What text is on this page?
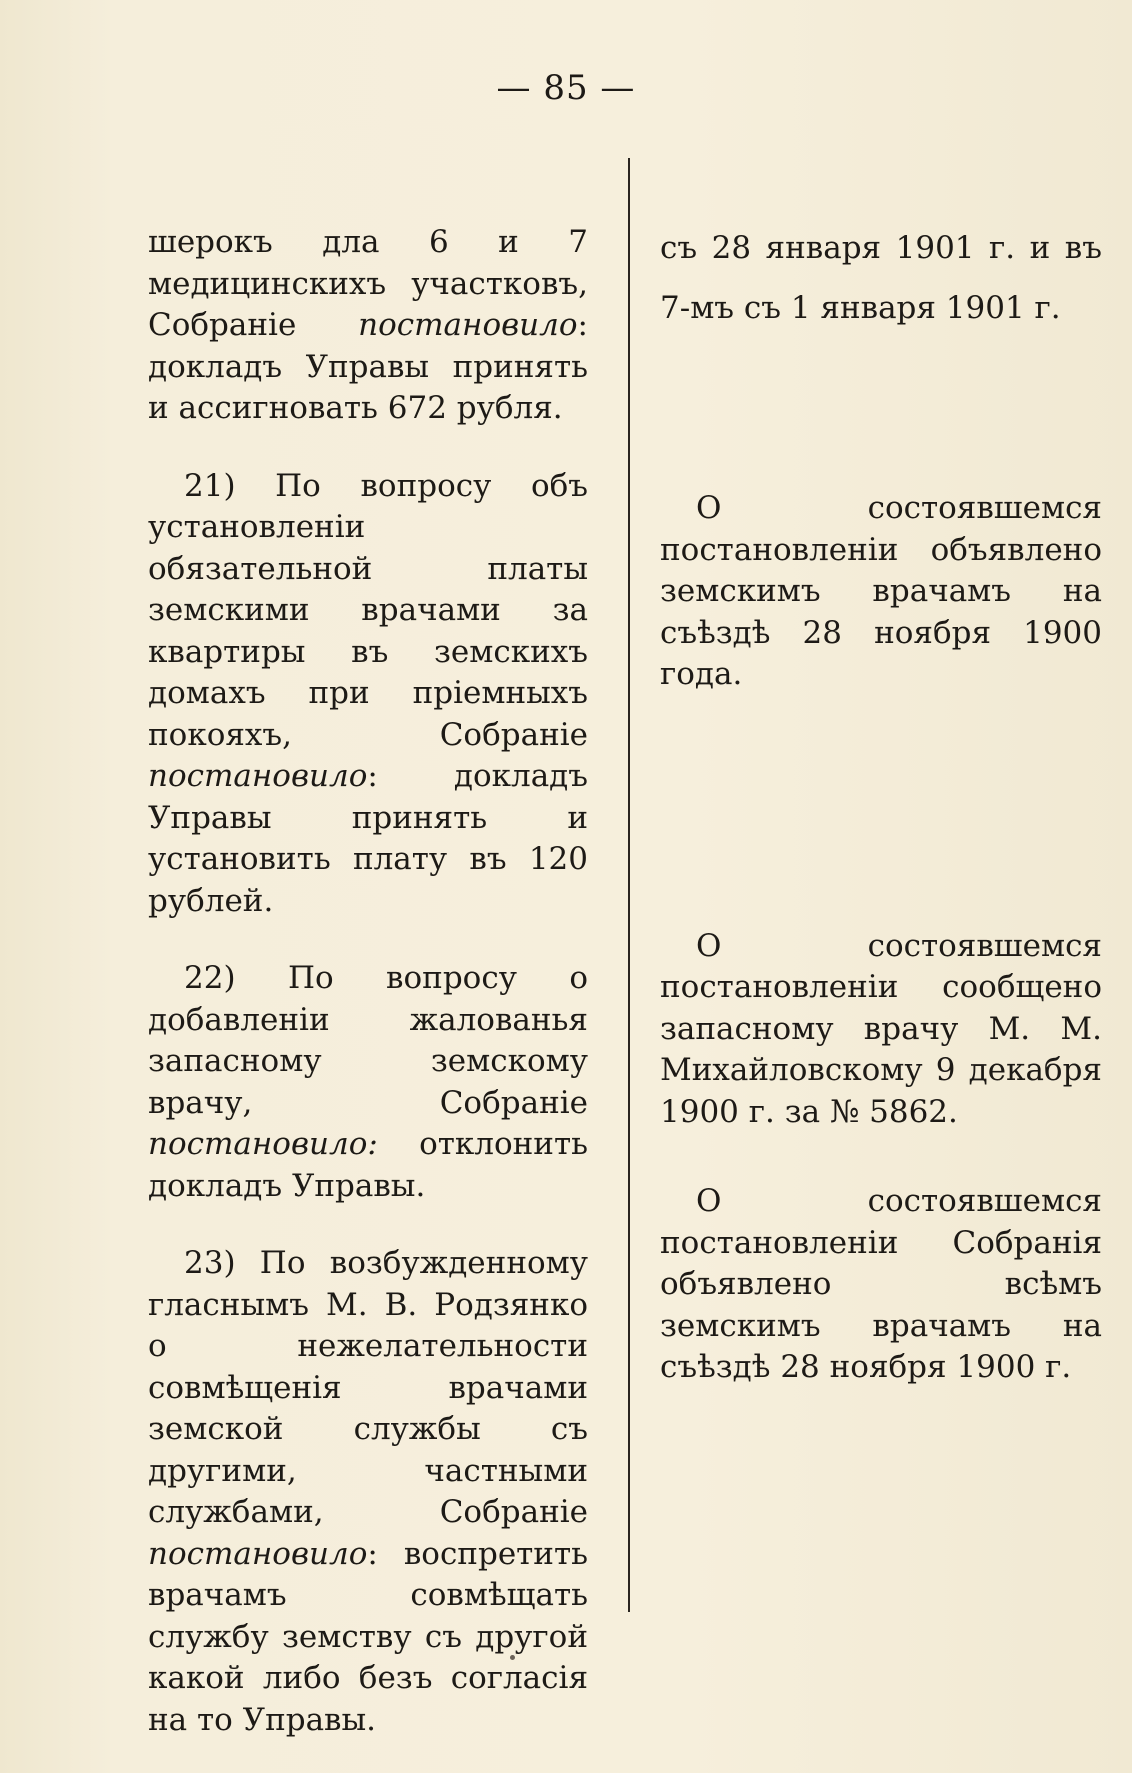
— 85 —

шерокъ дла 6 и 7 медицинскихъ участковъ, Собраніе постановило: докладъ Управы принять и ассигновать 672 рубля.

21) По вопросу объ установленіи обязательной платы земскими врачами за квартиры въ земскихъ домахъ при пріемныхъ покояхъ, Собраніе постановило: докладъ Управы принять и установить плату въ 120 рублей.

22) По вопросу о добавленіи жалованья запасному земскому врачу, Собраніе постановило: отклонить докладъ Управы.

23) По возбужденному гласнымъ М. В. Родзянко о нежелательности совмѣщенія врачами земской службы съ другими, частными службами, Собраніе постановило: воспретить врачамъ совмѣщать службу земству съ другой какой либо безъ согласія на то Управы.

съ 28 января 1901 г. и въ 7-мъ съ 1 января 1901 г.

О состоявшемся постановленіи объявлено земскимъ врачамъ на съѣздѣ 28 ноября 1900 года.

О состоявшемся постановленіи сообщено запасному врачу М. М. Михайловскому 9 декабря 1900 г. за № 5862.

О состоявшемся постановленіи Собранія объявлено всѣмъ земскимъ врачамъ на съѣздѣ 28 ноября 1900 г.
